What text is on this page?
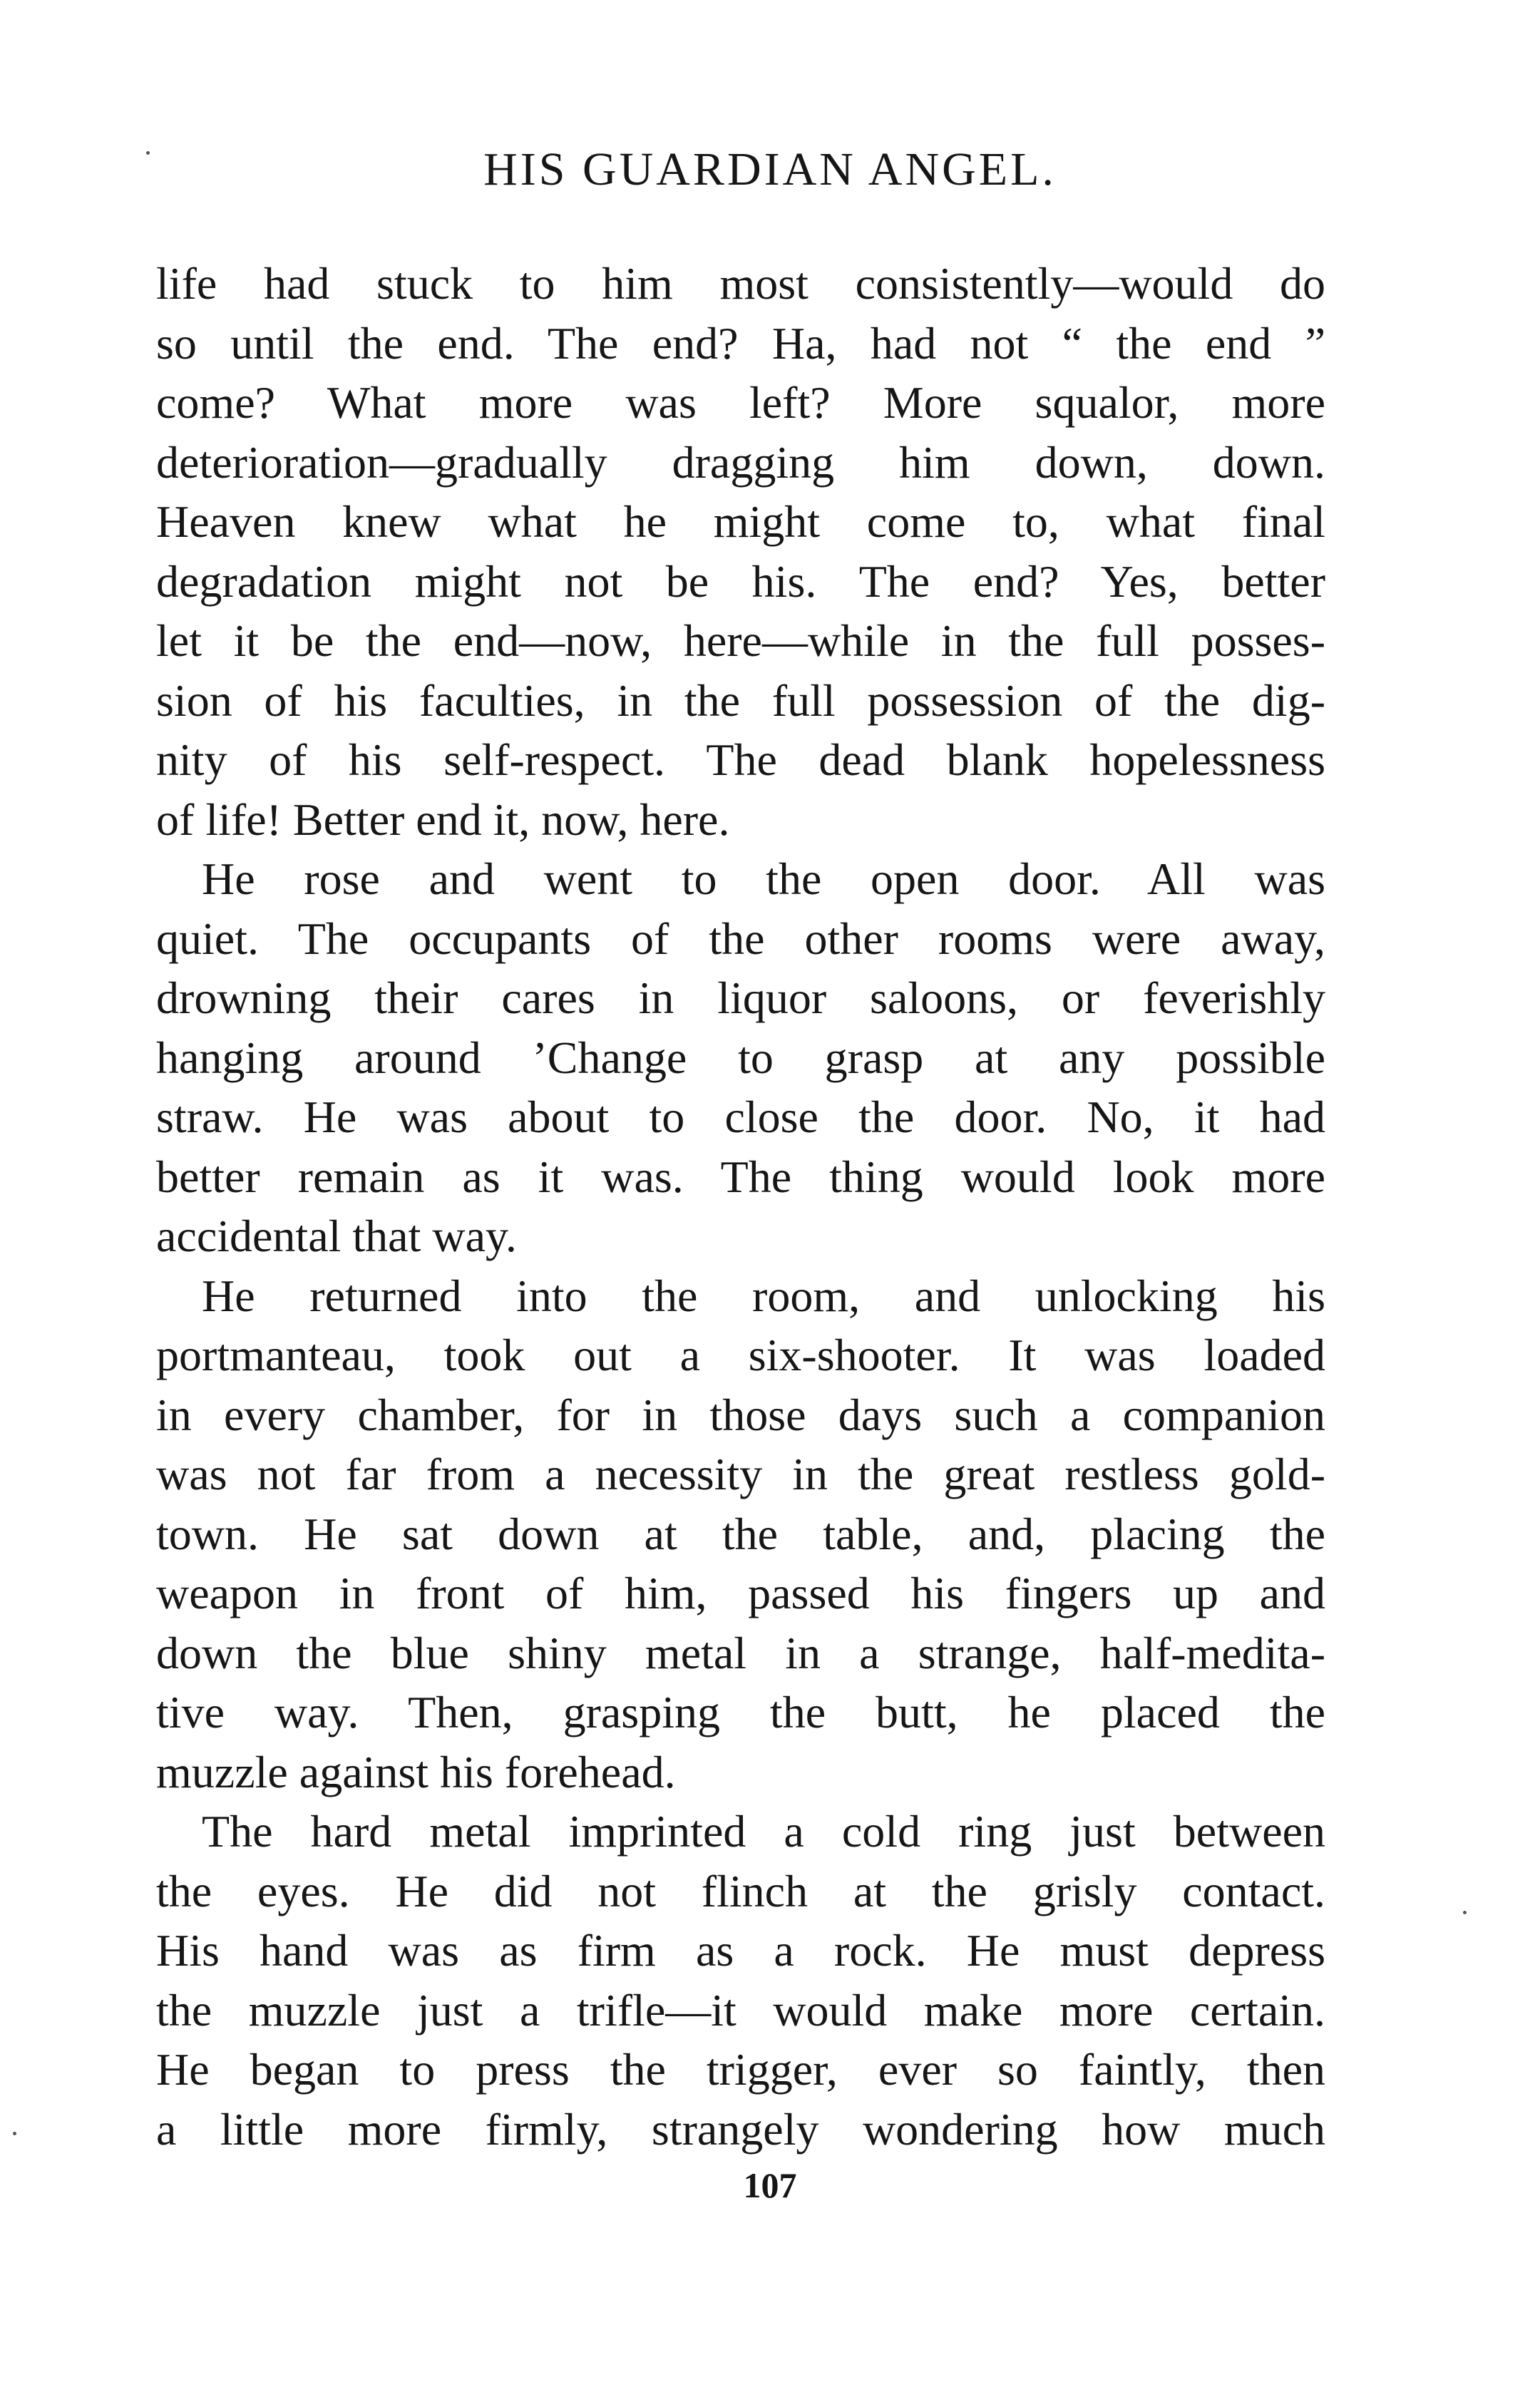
HIS GUARDIAN ANGEL.
life had stuck to him most consistently—would do
so until the end. The end? Ha, had not “ the end ”
come? What more was left? More squalor, more
deterioration—gradually dragging him down, down.
Heaven knew what he might come to, what final
degradation might not be his. The end? Yes, better
let it be the end—now, here—while in the full posses-
sion of his faculties, in the full possession of the dig-
nity of his self-respect. The dead blank hopelessness
of life! Better end it, now, here.
He rose and went to the open door. All was
quiet. The occupants of the other rooms were away,
drowning their cares in liquor saloons, or feverishly
hanging around ’Change to grasp at any possible
straw. He was about to close the door. No, it had
better remain as it was. The thing would look more
accidental that way.
He returned into the room, and unlocking his
portmanteau, took out a six-shooter. It was loaded
in every chamber, for in those days such a companion
was not far from a necessity in the great restless gold-
town. He sat down at the table, and, placing the
weapon in front of him, passed his fingers up and
down the blue shiny metal in a strange, half-medita-
tive way. Then, grasping the butt, he placed the
muzzle against his forehead.
The hard metal imprinted a cold ring just between
the eyes. He did not flinch at the grisly contact.
His hand was as firm as a rock. He must depress
the muzzle just a trifle—it would make more certain.
He began to press the trigger, ever so faintly, then
a little more firmly, strangely wondering how much
107
